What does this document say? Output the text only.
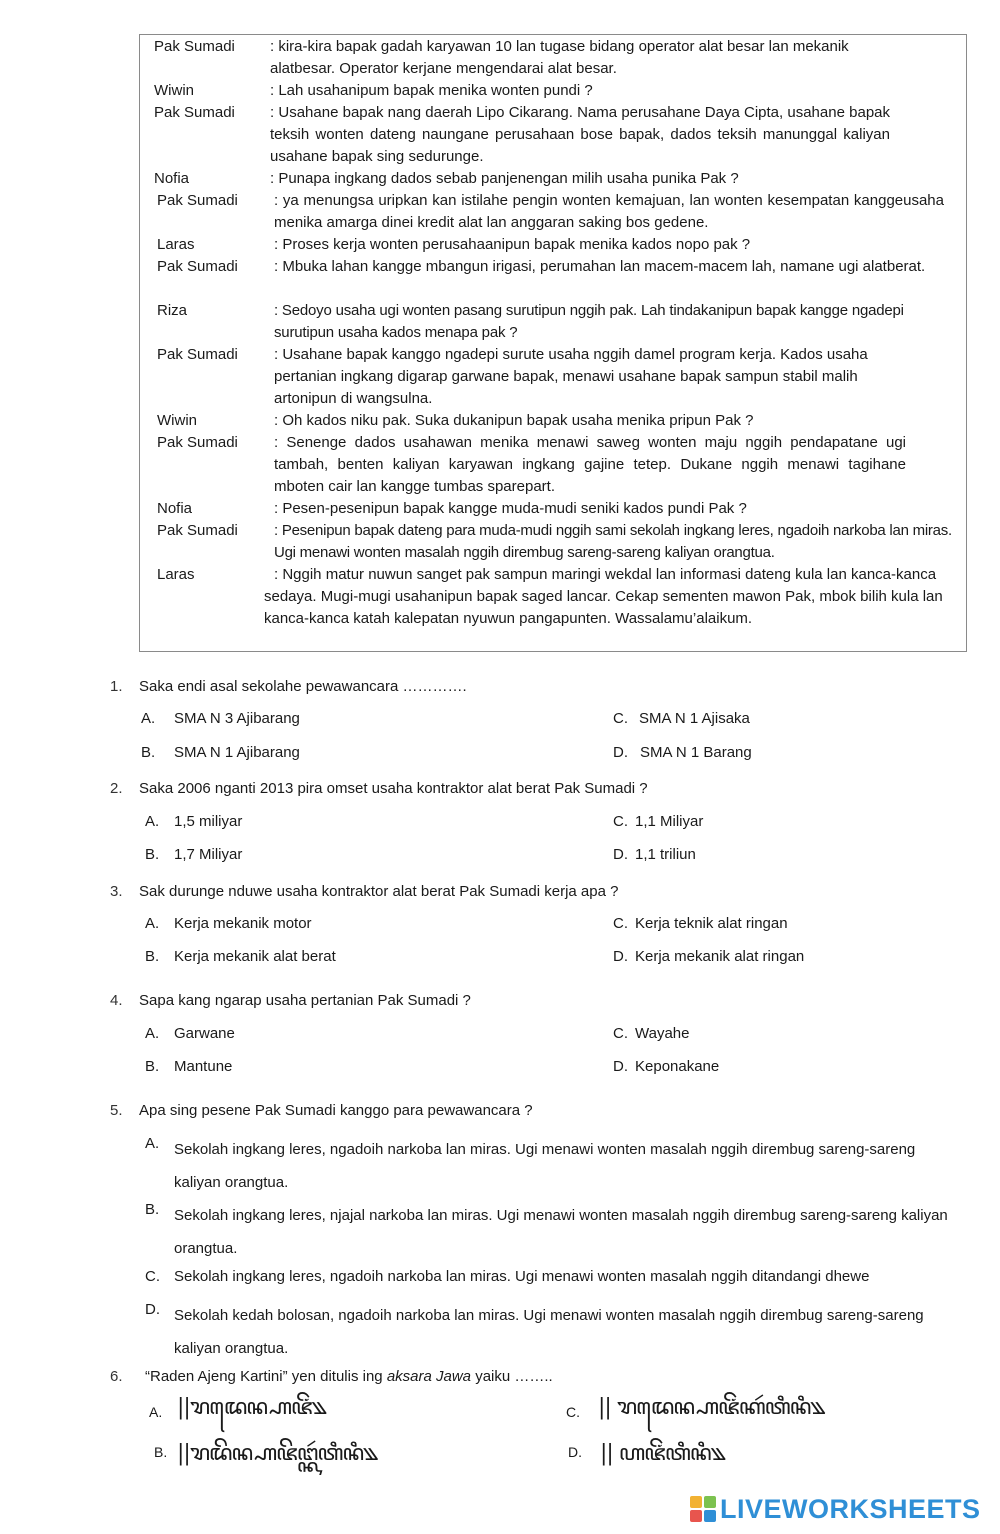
Pak Sumadi : kira-kira bapak gadah karyawan 10 lan tugase bidang operator alat besar lan mekanik alatbesar. Operator kerjane mengendarai alat besar.
Wiwin	: Lah usahanipum bapak menika wonten pundi ?
Pak Sumadi : Usahane bapak nang daerah Lipo Cikarang. Nama perusahane Daya Cipta, usahane bapak teksih wonten dateng naungane perusahaan bose bapak, dados teksih manunggal kaliyan usahane bapak sing sedurunge.
Nofia	: Punapa ingkang dados sebab panjenengan milih usaha punika Pak ?
Pak Sumadi : ya menungsa uripkan kan istilahe pengin wonten kemajuan, lan wonten kesempatan kanggeusaha menika amarga dinei kredit alat lan anggaran saking bos gedene.
Laras	: Proses kerja wonten perusahaanipun bapak menika kados nopo pak ?
Pak Sumadi : Mbuka lahan kangge mbangun irigasi, perumahan lan macem-macem lah, namane ugi alatberat.
Riza	: Sedoyo usaha ugi wonten pasang surutipun nggih pak. Lah tindakanipun bapak kangge ngadepi surutipun usaha kados menapa pak ?
Pak Sumadi : Usahane bapak kanggo ngadepi surute usaha nggih damel program kerja. Kados usaha pertanian ingkang digarap garwane bapak, menawi usahane bapak sampun stabil malih artonipun di wangsulna.
Wiwin	: Oh kados niku pak. Suka dukanipun bapak usaha menika pripun Pak ?
Pak Sumadi : Senenge dados usahawan menika menawi saweg wonten maju nggih pendapatane ugi tambah, benten kaliyan karyawan ingkang gajine tetep. Dukane nggih menawi tagihane mboten cair lan kangge tumbas sparepart.
Nofia	: Pesen-pesenipun bapak kangge muda-mudi seniki kados pundi Pak ?
Pak Sumadi : Pesenipun bapak dateng para muda-mudi nggih sami sekolah ingkang leres, ngadoih narkoba lan miras. Ugi menawi wonten masalah nggih dirembug sareng-sareng kaliyan orangtua.
Laras	: Nggih matur nuwun sanget pak sampun maringi wekdal lan informasi dateng kula lan kanca-kanca sedaya. Mugi-mugi usahanipun bapak saged lancar. Cekap sementen mawon Pak, mbok bilih kula lan kanca-kanca katah kalepatan nyuwun pangapunten. Wassalamu’alaikum.
1. Saka endi asal sekolahe pewawancara ………….
A. SMA N 3 Ajibarang	C. SMA N 1 Ajisaka
B. SMA N 1 Ajibarang	D. SMA N 1 Barang
2. Saka 2006 nganti 2013 pira omset usaha kontraktor alat berat Pak Sumadi ?
A. 1,5 miliyar	C. 1,1 Miliyar
B. 1,7 Miliyar	D. 1,1 triliun
3. Sak durunge nduwe usaha kontraktor alat berat Pak Sumadi kerja apa ?
A. Kerja mekanik motor	C. Kerja teknik alat ringan
B. Kerja mekanik alat berat	D. Kerja mekanik alat ringan
4. Sapa kang ngarap usaha pertanian Pak Sumadi ?
A. Garwane	C. Wayahe
B. Mantune	D. Keponakane
5. Apa sing pesene Pak Sumadi kanggo para pewawancara ?
A. Sekolah ingkang leres, ngadoih narkoba lan miras. Ugi menawi wonten masalah nggih dirembug sareng-sareng kaliyan orangtua.
B. Sekolah ingkang leres, njajal narkoba lan miras. Ugi menawi wonten masalah nggih dirembug sareng-sareng kaliyan orangtua.
C. Sekolah ingkang leres, ngadoih narkoba lan miras. Ugi menawi wonten masalah nggih ditandangi dhewe
D. Sekolah kedah bolosan, ngadoih narkoba lan miras. Ugi menawi wonten masalah nggih dirembug sareng-sareng kaliyan orangtua.
6. “Raden Ajeng Kartini” yen ditulis ing aksara Jawa yaiku ……..
A. ||ꦫꦢꦺꦤ꧀ꦲꦗꦼꦁ꧉	C. || ꦫꦢꦺꦤ꧀ꦲꦗꦼꦁꦏꦂꦠꦶꦤꦶ꧉
B. ||ꦫꦢꦼꦤ꧀ꦲꦗꦼꦔ꧀ꦏꦂꦠꦶꦤꦶ꧉	D. || ꦲꦗꦼꦁꦠꦶꦤꦶ꧉
LIVEWORKSHEETS
